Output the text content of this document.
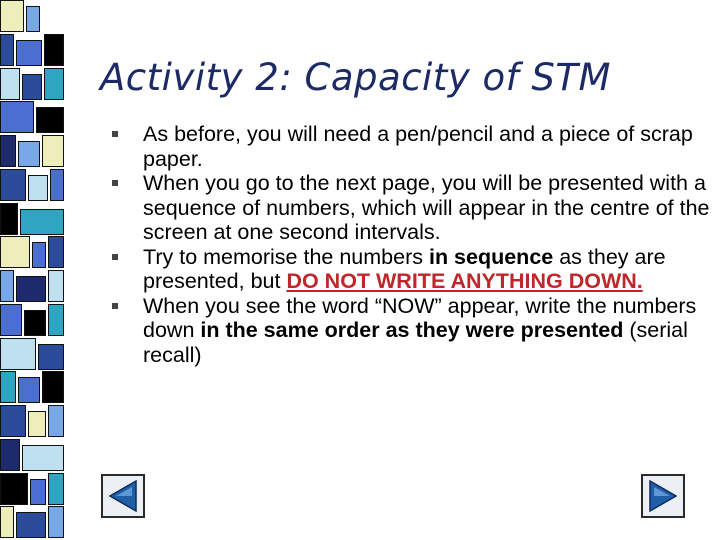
Activity 2: Capacity of STM
As before, you will need a pen/pencil and a piece of scrap paper.
When you go to the next page, you will be presented with a sequence of numbers, which will appear in the centre of the screen at one second intervals.
Try to memorise the numbers in sequence as they are presented, but DO NOT WRITE ANYTHING DOWN.
When you see the word “NOW” appear, write the numbers down in the same order as they were presented (serial recall)
